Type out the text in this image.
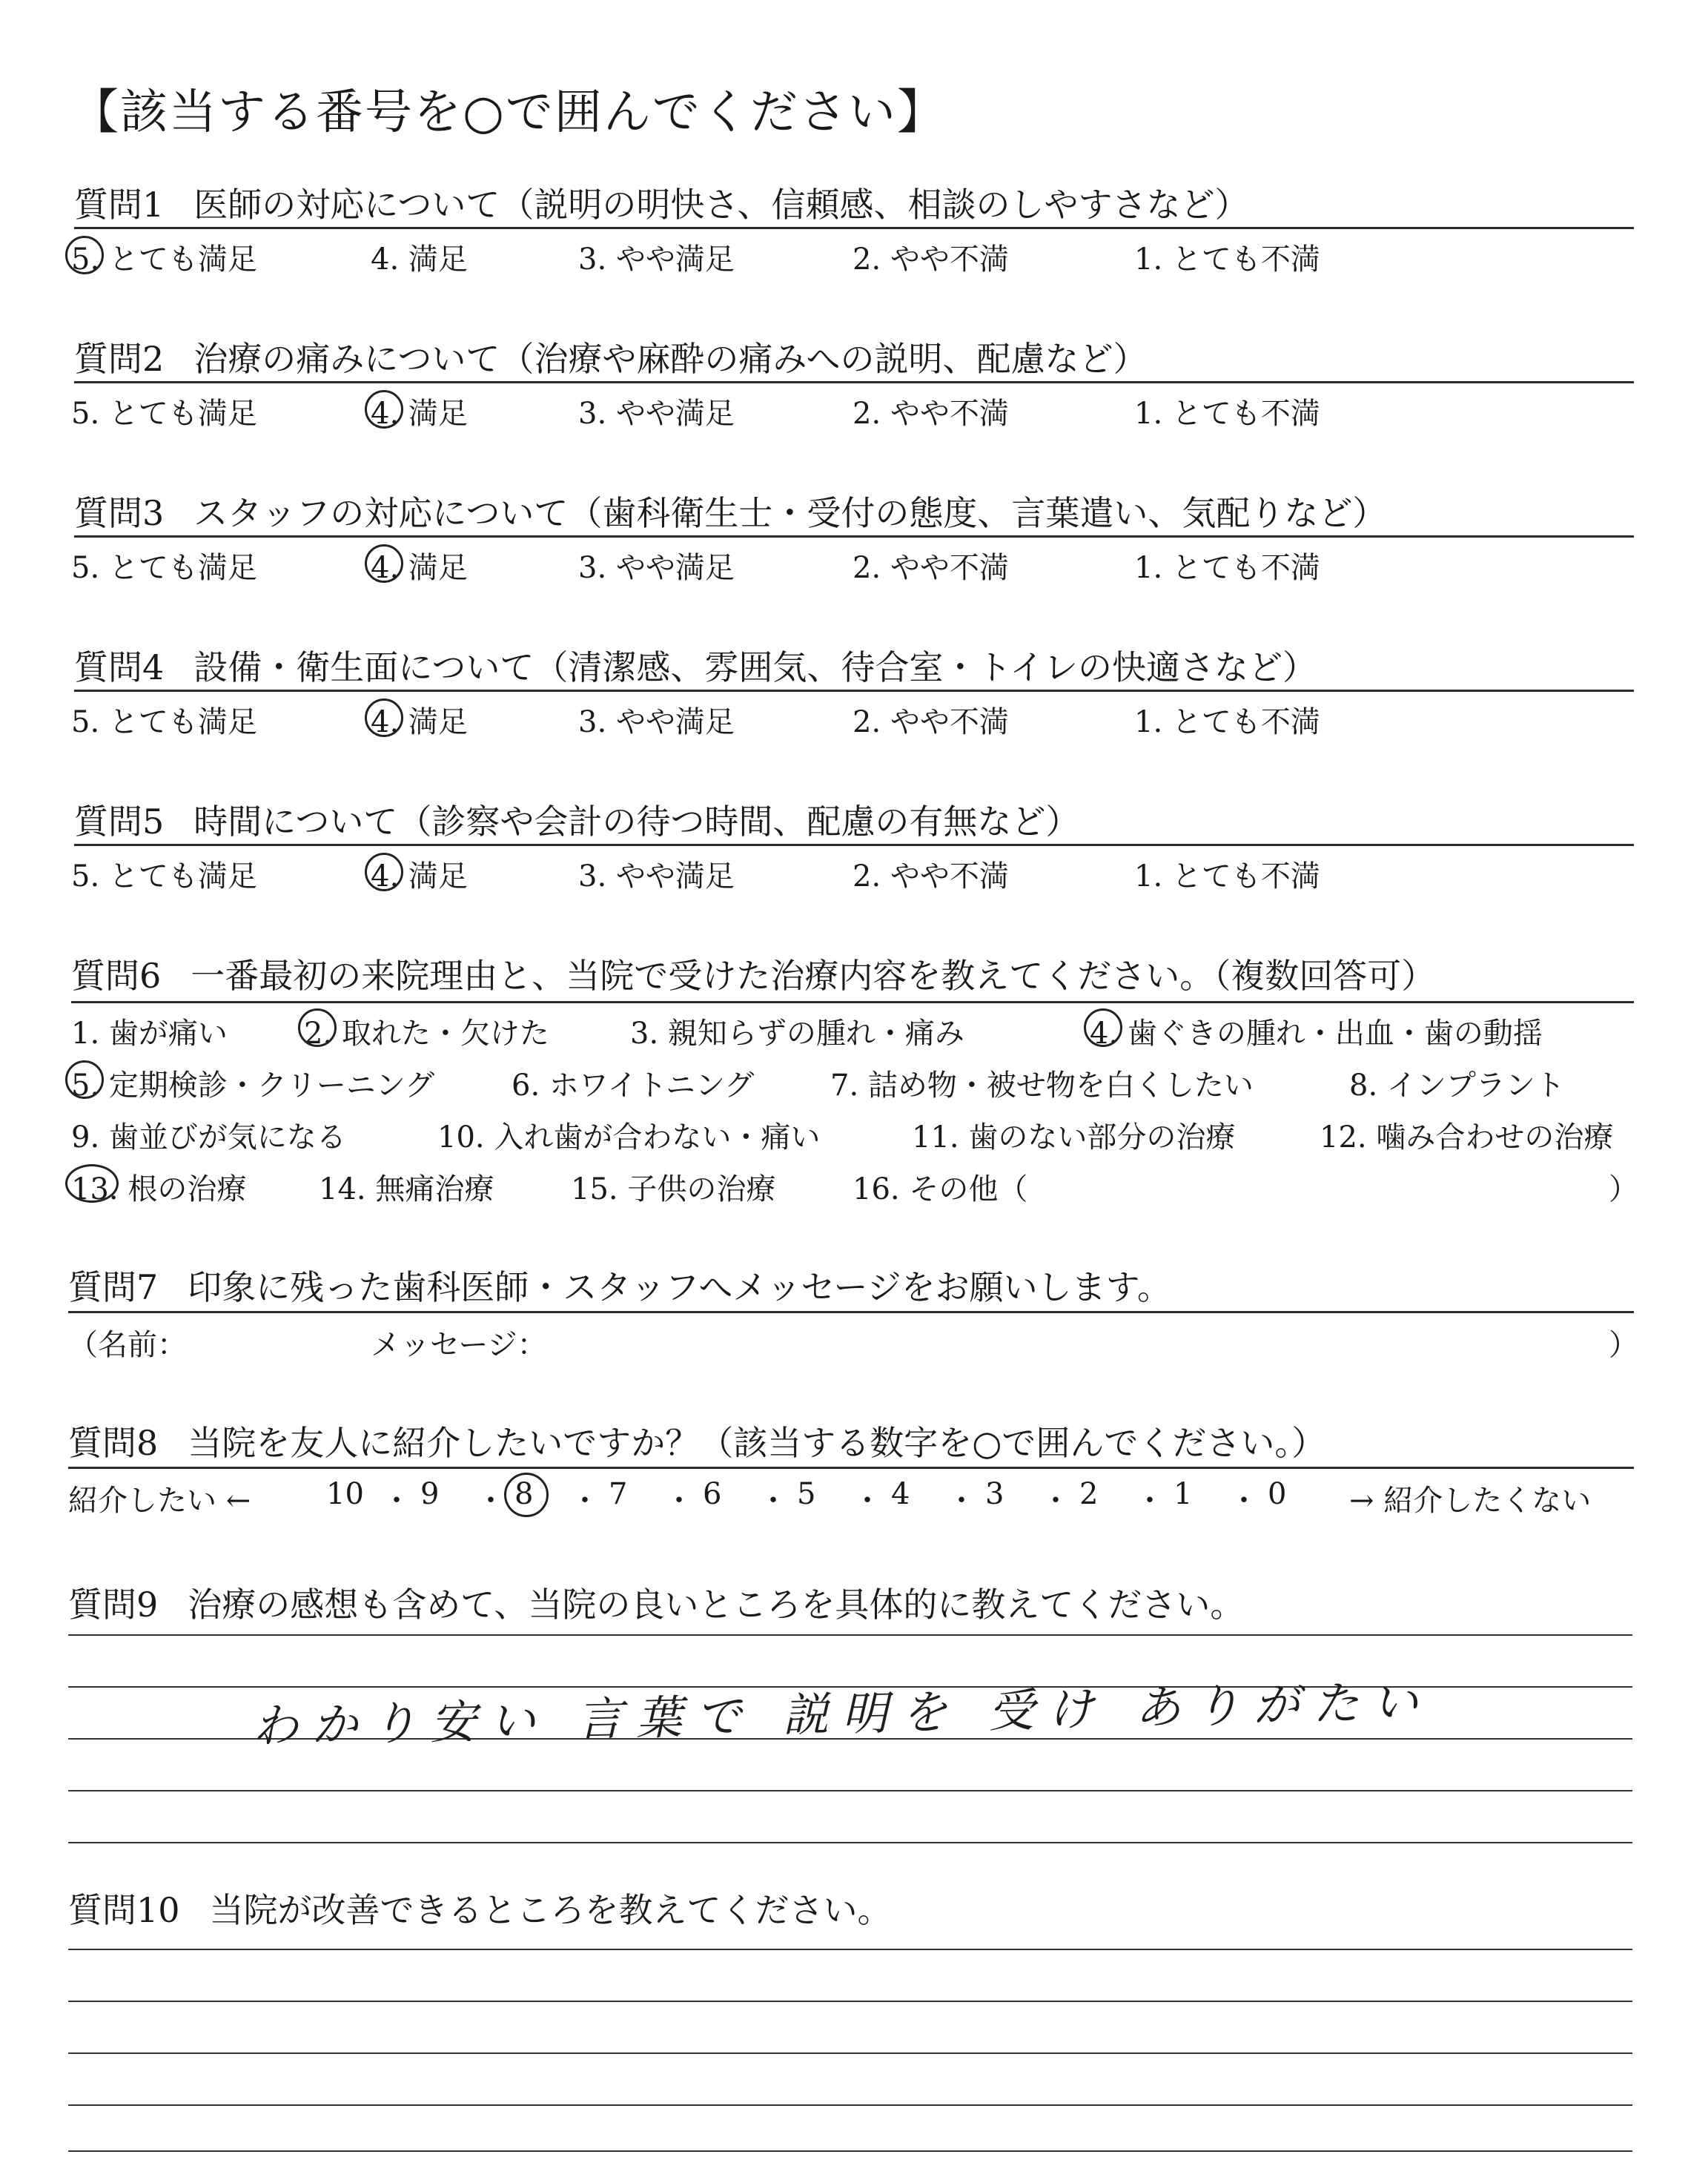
【該当する番号を○で囲んでください】
質問1 医師の対応について（説明の明快さ、信頼感、相談のしやすさなど）
5. とても満足	4. 満足	3. やや満足	2. やや不満	1. とても不満
質問2 治療の痛みについて（治療や麻酔の痛みへの説明、配慮など）
5. とても満足	4. 満足	3. やや満足	2. やや不満	1. とても不満
質問3 スタッフの対応について（歯科衛生士・受付の態度、言葉遣い、気配りなど）
5. とても満足	4. 満足	3. やや満足	2. やや不満	1. とても不満
質問4 設備・衛生面について（清潔感、雰囲気、待合室・トイレの快適さなど）
5. とても満足	4. 満足	3. やや満足	2. やや不満	1. とても不満
質問5 時間について（診察や会計の待つ時間、配慮の有無など）
5. とても満足	4. 満足	3. やや満足	2. やや不満	1. とても不満
質問6 一番最初の来院理由と、当院で受けた治療内容を教えてください。（複数回答可）
1. 歯が痛い	2. 取れた・欠けた	3. 親知らずの腫れ・痛み	4. 歯ぐきの腫れ・出血・歯の動揺
5. 定期検診・クリーニング	6. ホワイトニング	7. 詰め物・被せ物を白くしたい	8. インプラント
9. 歯並びが気になる	10. 入れ歯が合わない・痛い	11. 歯のない部分の治療	12. 噛み合わせの治療
13. 根の治療 14. 無痛治療	15. 子供の治療	16. その他（	）
質問7 印象に残った歯科医師・スタッフへメッセージをお願いします。
（名前：	メッセージ：	）
質問8 当院を友人に紹介したいですか？（該当する数字を○で囲んでください。）
紹介したい ←	10 ・ 9 ・ 8 ・ 7 ・ 6 ・ 5 ・ 4 ・ 3 ・ 2 ・ 1 ・ 0 → 紹介したくない
質問9 治療の感想も含めて、当院の良いところを具体的に教えてください。
わかり安い 言葉で 説明を 受け ありがたい
質問10 当院が改善できるところを教えてください。
